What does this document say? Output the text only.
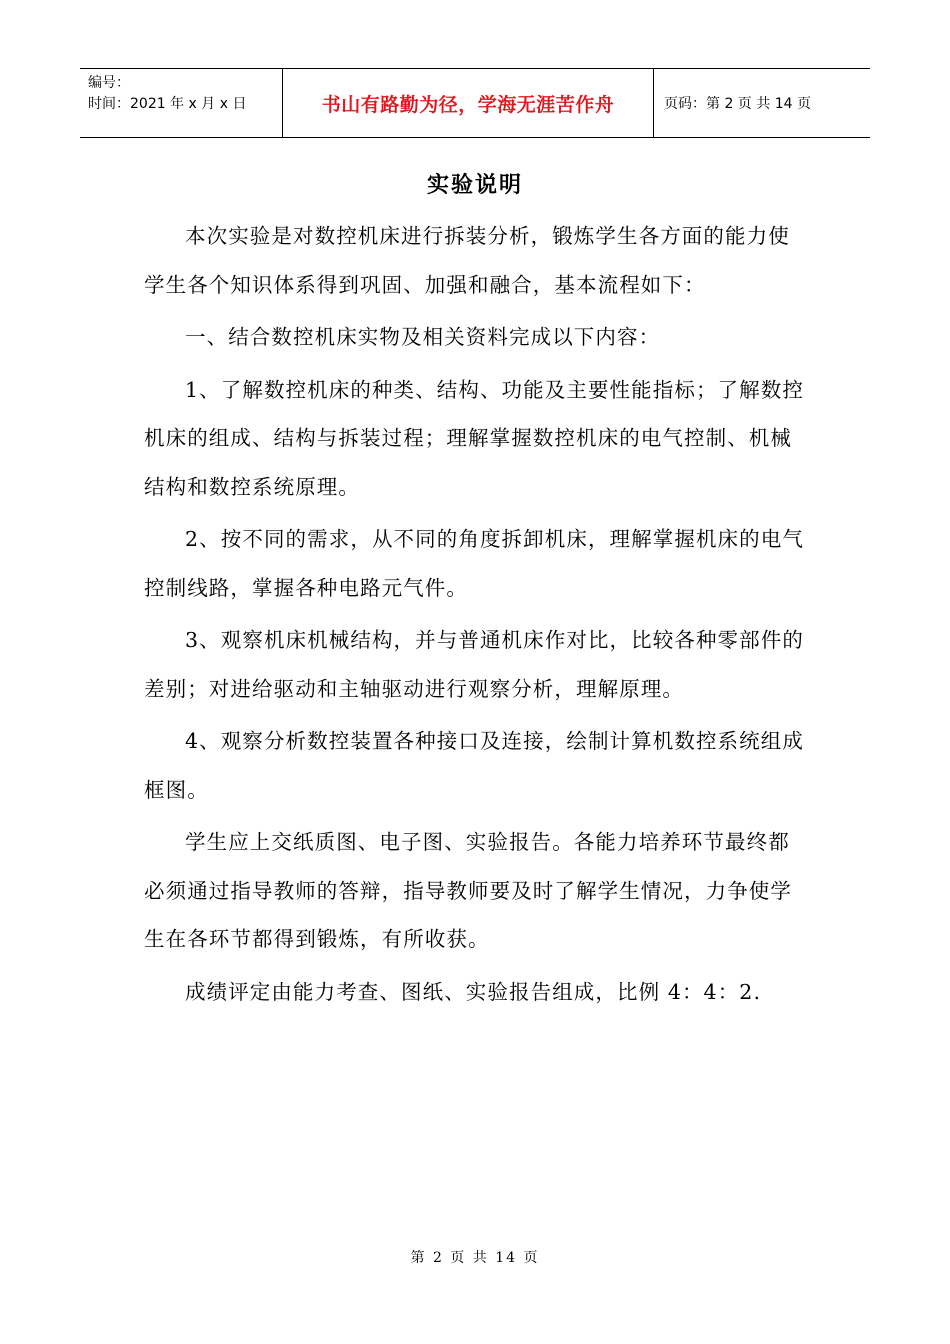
编号：
时间：2021 年 x 月 x 日	书山有路勤为径，学海无涯苦作舟	页码：第 2 页 共 14 页
实验说明

本次实验是对数控机床进行拆装分析，锻炼学生各方面的能力使学生各个知识体系得到巩固、加强和融合，基本流程如下：

一、结合数控机床实物及相关资料完成以下内容：

1、了解数控机床的种类、结构、功能及主要性能指标；了解数控机床的组成、结构与拆装过程；理解掌握数控机床的电气控制、机械结构和数控系统原理。

2、按不同的需求，从不同的角度拆卸机床，理解掌握机床的电气控制线路，掌握各种电路元气件。

3、观察机床机械结构，并与普通机床作对比，比较各种零部件的差别；对进给驱动和主轴驱动进行观察分析，理解原理。

4、观察分析数控装置各种接口及连接，绘制计算机数控系统组成框图。

学生应上交纸质图、电子图、实验报告。各能力培养环节最终都必须通过指导教师的答辩，指导教师要及时了解学生情况，力争使学生在各环节都得到锻炼，有所收获。

成绩评定由能力考查、图纸、实验报告组成，比例 4：4：2.

第 2 页 共 14 页
